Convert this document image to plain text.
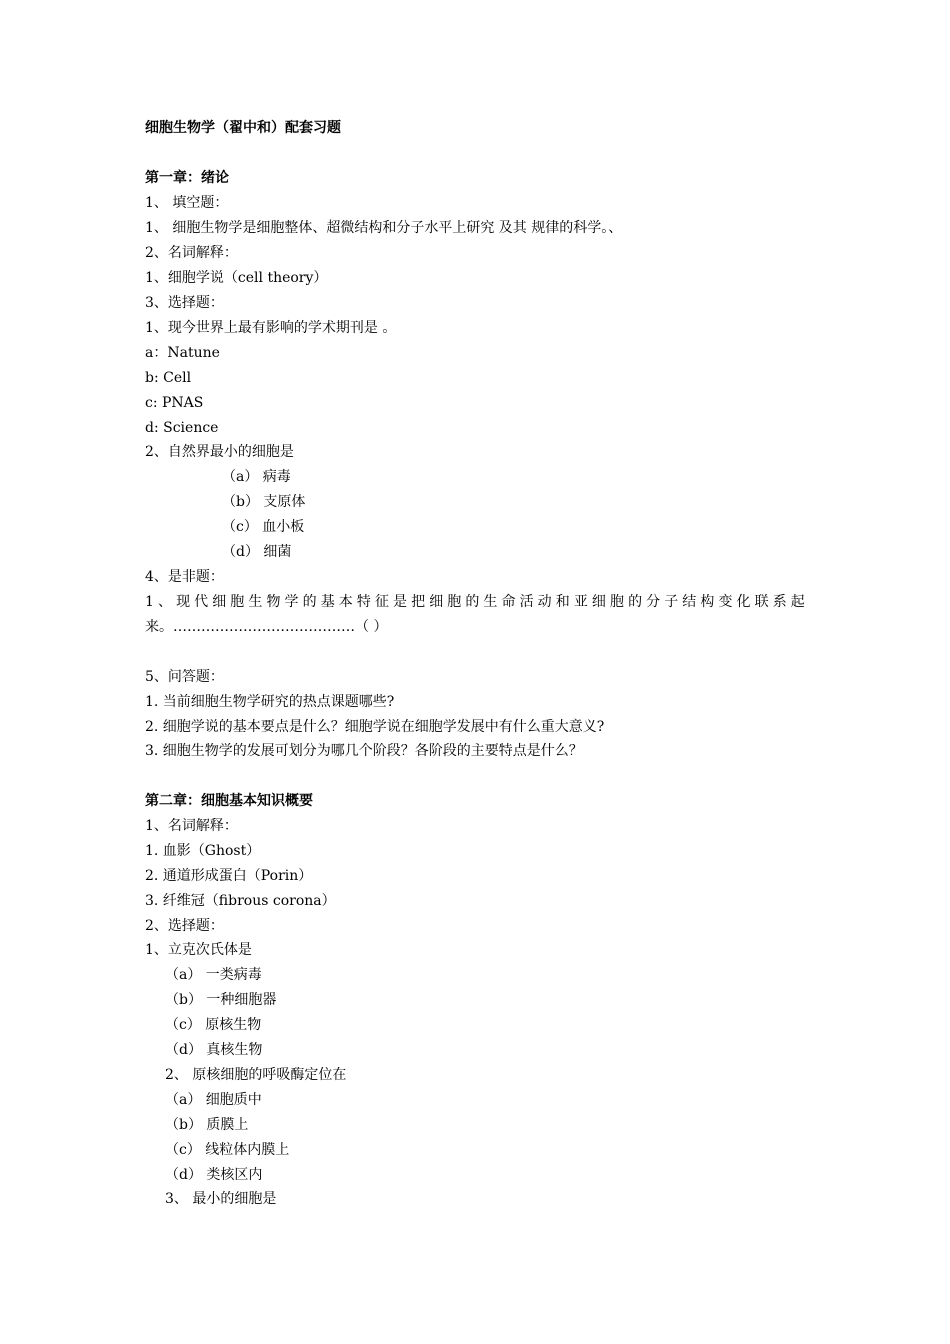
细胞生物学（翟中和）配套习题
第一章：绪论
1、 填空题：
1、 细胞生物学是细胞整体、超微结构和分子水平上研究 及其 规律的科学。、
2、名词解释：
1、细胞学说（cell theory）
3、选择题：
1、现今世界上最有影响的学术期刊是 。
a：Natune
b: Cell
c: PNAS
d: Science
2、自然界最小的细胞是
（a） 病毒
（b） 支原体
（c） 血小板
（d） 细菌
4、是非题：
1、现代细胞生物学的基本特征是把细胞的生命活动和亚细胞的分子结构变化联系起
来。…………………………………（ ）
5、问答题：
1. 当前细胞生物学研究的热点课题哪些?
2. 细胞学说的基本要点是什么？细胞学说在细胞学发展中有什么重大意义?
3. 细胞生物学的发展可划分为哪几个阶段？各阶段的主要特点是什么？
第二章：细胞基本知识概要
1、名词解释：
1. 血影（Ghost）
2. 通道形成蛋白（Porin）
3. 纤维冠（fibrous corona）
2、选择题：
1、立克次氏体是
（a） 一类病毒
（b） 一种细胞器
（c） 原核生物
（d） 真核生物
2、 原核细胞的呼吸酶定位在
（a） 细胞质中
（b） 质膜上
（c） 线粒体内膜上
（d） 类核区内
3、 最小的细胞是
